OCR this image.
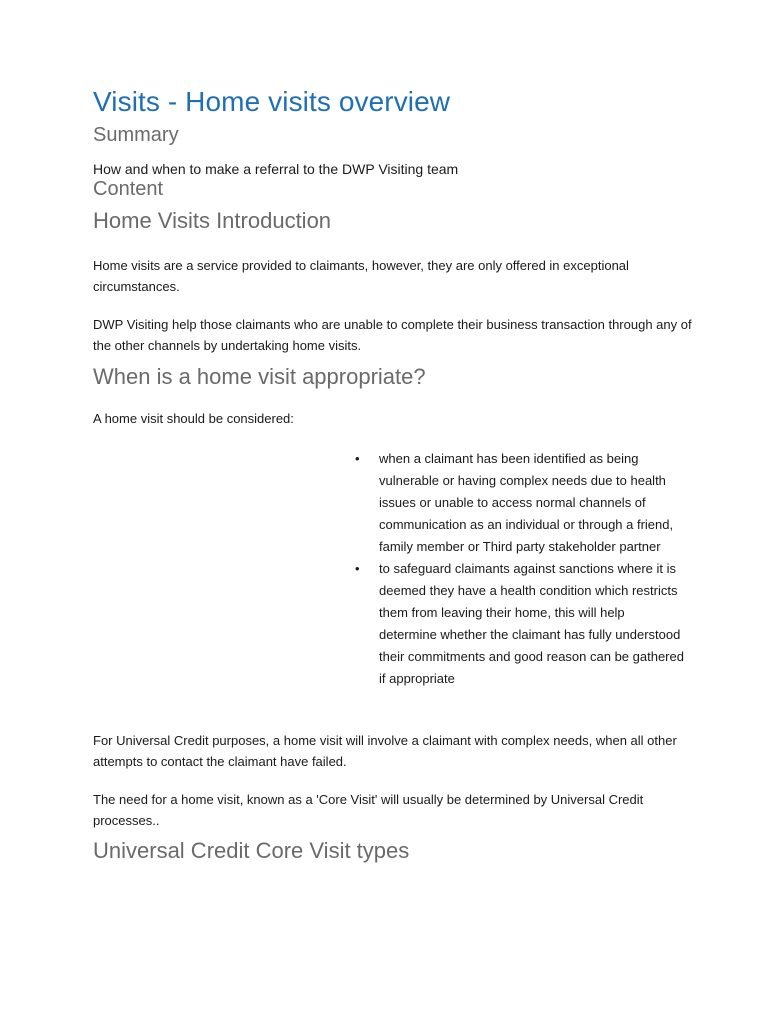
Visits - Home visits overview
Summary

How and when to make a referral to the DWP Visiting team

Content
Home Visits Introduction

Home visits are a service provided to claimants, however, they are only offered in exceptional circumstances.

DWP Visiting help those claimants who are unable to complete their business transaction through any of the other channels by undertaking home visits.

When is a home visit appropriate?

A home visit should be considered:

• when a claimant has been identified as being vulnerable or having complex needs due to health issues or unable to access normal channels of communication as an individual or through a friend, family member or Third party stakeholder partner
• to safeguard claimants against sanctions where it is deemed they have a health condition which restricts them from leaving their home, this will help determine whether the claimant has fully understood their commitments and good reason can be gathered if appropriate

For Universal Credit purposes, a home visit will involve a claimant with complex needs, when all other attempts to contact the claimant have failed.

The need for a home visit, known as a 'Core Visit' will usually be determined by Universal Credit processes..

Universal Credit Core Visit types
